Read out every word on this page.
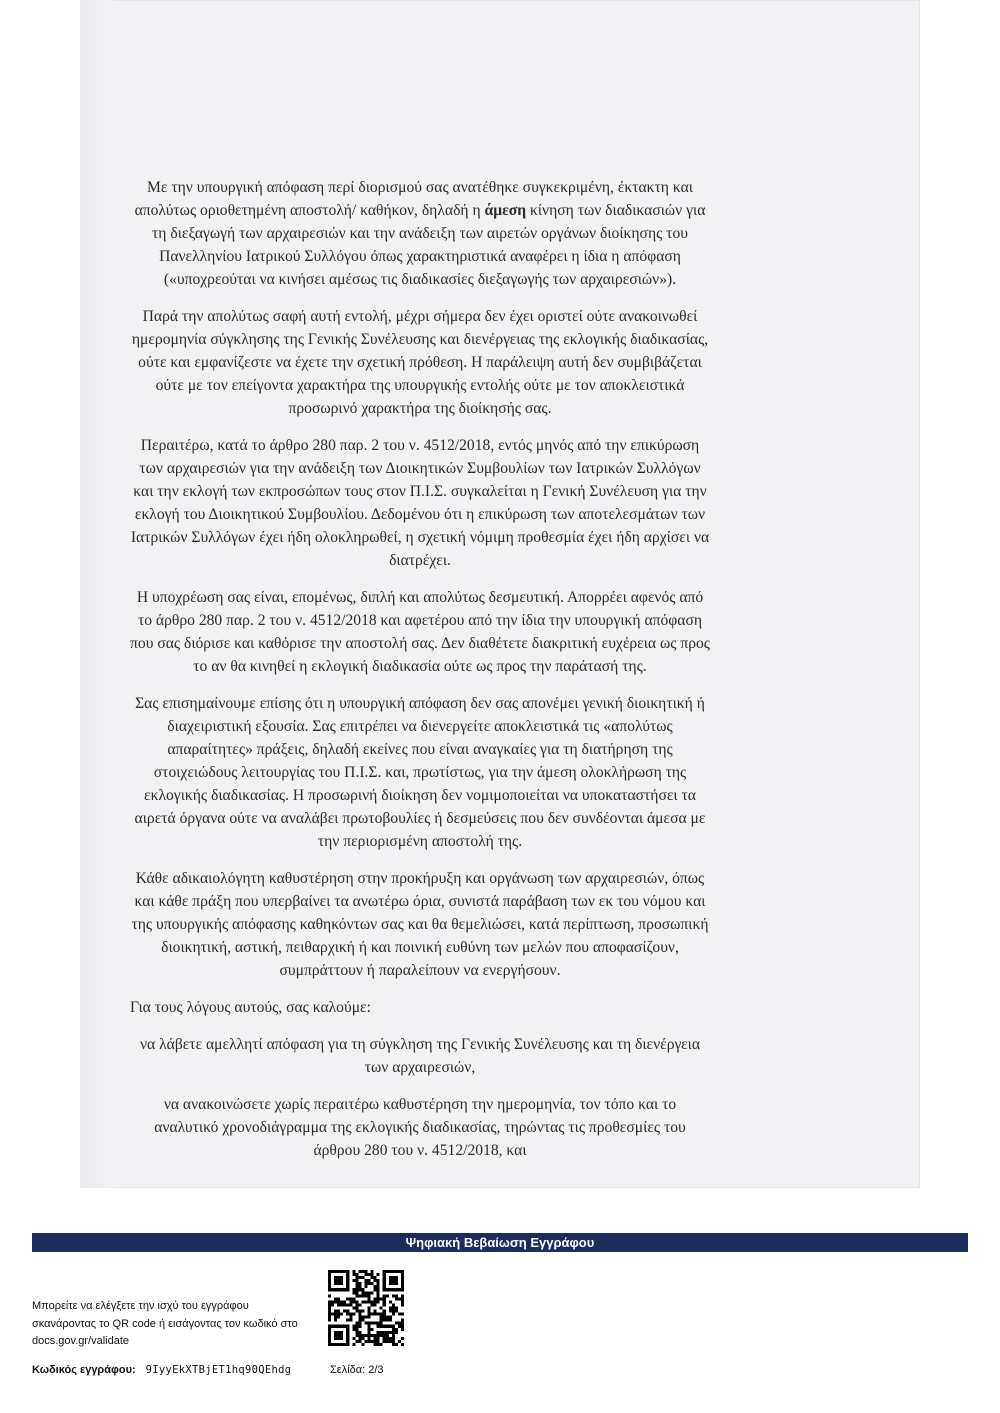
Με την υπουργική απόφαση περί διορισμού σας ανατέθηκε συγκεκριμένη, έκτακτη και απολύτως οριοθετημένη αποστολή/ καθήκον, δηλαδή η άμεση κίνηση των διαδικασιών για τη διεξαγωγή των αρχαιρεσιών και την ανάδειξη των αιρετών οργάνων διοίκησης του Πανελληνίου Ιατρικού Συλλόγου όπως χαρακτηριστικά αναφέρει η ίδια η απόφαση («υποχρεούται να κινήσει αμέσως τις διαδικασίες διεξαγωγής των αρχαιρεσιών»).

Παρά την απολύτως σαφή αυτή εντολή, μέχρι σήμερα δεν έχει οριστεί ούτε ανακοινωθεί ημερομηνία σύγκλησης της Γενικής Συνέλευσης και διενέργειας της εκλογικής διαδικασίας, ούτε και εμφανίζεστε να έχετε την σχετική πρόθεση. Η παράλειψη αυτή δεν συμβιβάζεται ούτε με τον επείγοντα χαρακτήρα της υπουργικής εντολής ούτε με τον αποκλειστικά προσωρινό χαρακτήρα της διοίκησής σας.

Περαιτέρω, κατά το άρθρο 280 παρ. 2 του ν. 4512/2018, εντός μηνός από την επικύρωση των αρχαιρεσιών για την ανάδειξη των Διοικητικών Συμβουλίων των Ιατρικών Συλλόγων και την εκλογή των εκπροσώπων τους στον Π.Ι.Σ. συγκαλείται η Γενική Συνέλευση για την εκλογή του Διοικητικού Συμβουλίου. Δεδομένου ότι η επικύρωση των αποτελεσμάτων των Ιατρικών Συλλόγων έχει ήδη ολοκληρωθεί, η σχετική νόμιμη προθεσμία έχει ήδη αρχίσει να διατρέχει.

Η υποχρέωση σας είναι, επομένως, διπλή και απολύτως δεσμευτική. Απορρέει αφενός από το άρθρο 280 παρ. 2 του ν. 4512/2018 και αφετέρου από την ίδια την υπουργική απόφαση που σας διόρισε και καθόρισε την αποστολή σας. Δεν διαθέτετε διακριτική ευχέρεια ως προς το αν θα κινηθεί η εκλογική διαδικασία ούτε ως προς την παράτασή της.

Σας επισημαίνουμε επίσης ότι η υπουργική απόφαση δεν σας απονέμει γενική διοικητική ή διαχειριστική εξουσία. Σας επιτρέπει να διενεργείτε αποκλειστικά τις «απολύτως απαραίτητες» πράξεις, δηλαδή εκείνες που είναι αναγκαίες για τη διατήρηση της στοιχειώδους λειτουργίας του Π.Ι.Σ. και, πρωτίστως, για την άμεση ολοκλήρωση της εκλογικής διαδικασίας. Η προσωρινή διοίκηση δεν νομιμοποιείται να υποκαταστήσει τα αιρετά όργανα ούτε να αναλάβει πρωτοβουλίες ή δεσμεύσεις που δεν συνδέονται άμεσα με την περιορισμένη αποστολή της.

Κάθε αδικαιολόγητη καθυστέρηση στην προκήρυξη και οργάνωση των αρχαιρεσιών, όπως και κάθε πράξη που υπερβαίνει τα ανωτέρω όρια, συνιστά παράβαση των εκ του νόμου και της υπουργικής απόφασης καθηκόντων σας και θα θεμελιώσει, κατά περίπτωση, προσωπική διοικητική, αστική, πειθαρχική ή και ποινική ευθύνη των μελών που αποφασίζουν, συμπράττουν ή παραλείπουν να ενεργήσουν.

Για τους λόγους αυτούς, σας καλούμε:

να λάβετε αμελλητί απόφαση για τη σύγκληση της Γενικής Συνέλευσης και τη διενέργεια των αρχαιρεσιών,

να ανακοινώσετε χωρίς περαιτέρω καθυστέρηση την ημερομηνία, τον τόπο και το αναλυτικό χρονοδιάγραμμα της εκλογικής διαδικασίας, τηρώντας τις προθεσμίες του άρθρου 280 του ν. 4512/2018, και

Ψηφιακή Βεβαίωση Εγγράφου
Μπορείτε να ελέγξετε την ισχύ του εγγράφου σκανάροντας το QR code ή εισάγοντας τον κωδικό στο docs.gov.gr/validate
Κωδικός εγγράφου: 9IyyEkXTBjET1hq90QEhdg	Σελίδα: 2/3
